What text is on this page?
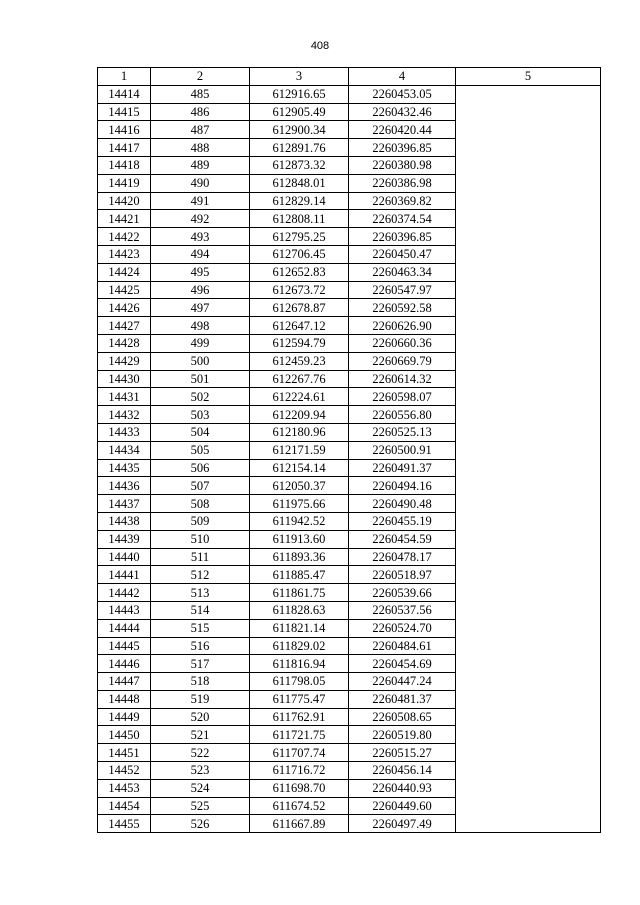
408
1	2	3	4	5
14414	485	612916.65	2260453.05	
14415	486	612905.49	2260432.46	
14416	487	612900.34	2260420.44	
14417	488	612891.76	2260396.85	
14418	489	612873.32	2260380.98	
14419	490	612848.01	2260386.98	
14420	491	612829.14	2260369.82	
14421	492	612808.11	2260374.54	
14422	493	612795.25	2260396.85	
14423	494	612706.45	2260450.47	
14424	495	612652.83	2260463.34	
14425	496	612673.72	2260547.97	
14426	497	612678.87	2260592.58	
14427	498	612647.12	2260626.90	
14428	499	612594.79	2260660.36	
14429	500	612459.23	2260669.79	
14430	501	612267.76	2260614.32	
14431	502	612224.61	2260598.07	
14432	503	612209.94	2260556.80	
14433	504	612180.96	2260525.13	
14434	505	612171.59	2260500.91	
14435	506	612154.14	2260491.37	
14436	507	612050.37	2260494.16	
14437	508	611975.66	2260490.48	
14438	509	611942.52	2260455.19	
14439	510	611913.60	2260454.59	
14440	511	611893.36	2260478.17	
14441	512	611885.47	2260518.97	
14442	513	611861.75	2260539.66	
14443	514	611828.63	2260537.56	
14444	515	611821.14	2260524.70	
14445	516	611829.02	2260484.61	
14446	517	611816.94	2260454.69	
14447	518	611798.05	2260447.24	
14448	519	611775.47	2260481.37	
14449	520	611762.91	2260508.65	
14450	521	611721.75	2260519.80	
14451	522	611707.74	2260515.27	
14452	523	611716.72	2260456.14	
14453	524	611698.70	2260440.93	
14454	525	611674.52	2260449.60	
14455	526	611667.89	2260497.49	
